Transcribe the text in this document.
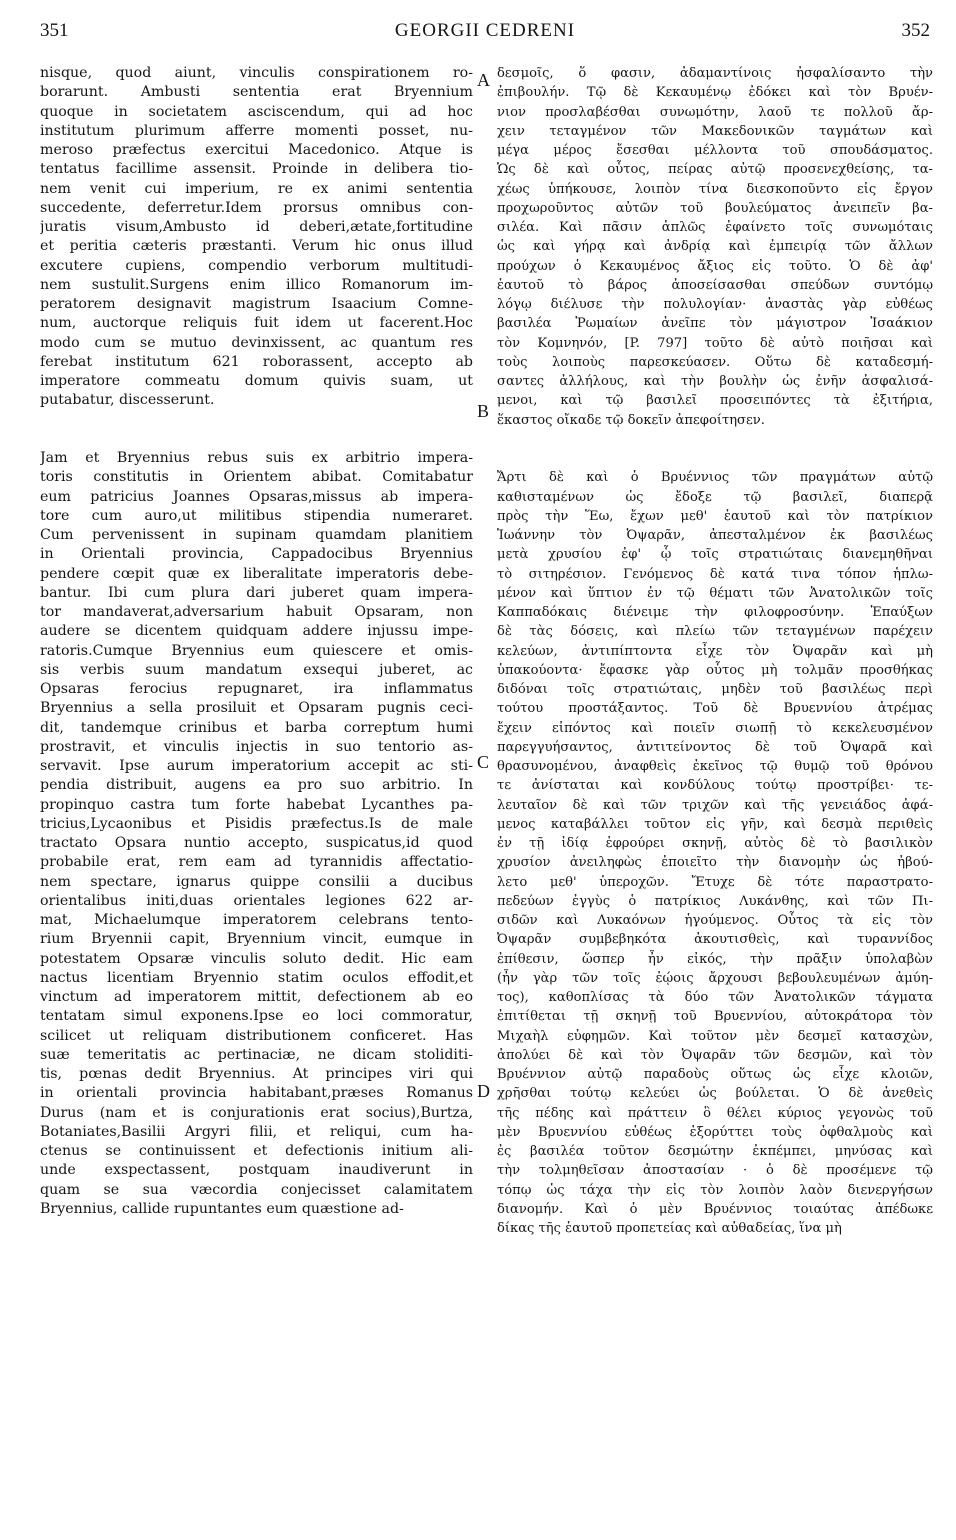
351	GEORGII CEDRENI	352
nisque, quod aiunt, vinculis conspirationem ro-
borarunt. Ambusti sententia erat Bryennium
quoque in societatem asciscendum, qui ad hoc
institutum plurimum afferre momenti posset, nu-
meroso præfectus exercitui Macedonico. Atque is
tentatus facillime assensit. Proinde in delibera tio-
nem venit cui imperium, re ex animi sententia
succedente, deferretur.Idem prorsus omnibus con-
juratis visum,Ambusto id deberi,ætate,fortitudine
et peritia cæteris præstanti. Verum hic onus illud
excutere cupiens, compendio verborum multitudi-
nem sustulit.Surgens enim illico Romanorum im-
peratorem designavit magistrum Isaacium Comne-
num, auctorque reliquis fuit idem ut facerent.Hoc
modo cum se mutuo devinxissent, ac quantum res
ferebat institutum 621 roborassent, accepto ab
imperatore commeatu domum quivis suam, ut
putabatur, discesserunt.
Jam et Bryennius rebus suis ex arbitrio impera-
toris constitutis in Orientem abibat. Comitabatur
eum patricius Joannes Opsaras,missus ab impera-
tore cum auro,ut militibus stipendia numeraret.
Cum pervenissent in supinam quamdam planitiem
in Orientali provincia, Cappadocibus Bryennius
pendere cœpit quæ ex liberalitate imperatoris debe-
bantur. Ibi cum plura dari juberet quam impera-
tor mandaverat,adversarium habuit Opsaram, non
audere se dicentem quidquam addere injussu impe-
ratoris.Cumque Bryennius eum quiescere et omis-
sis verbis suum mandatum exsequi juberet, ac
Opsaras ferocius repugnaret, ira inflammatus
Bryennius a sella prosiluit et Opsaram pugnis ceci-
dit, tandemque crinibus et barba correptum humi
prostravit, et vinculis injectis in suo tentorio as-
servavit. Ipse aurum imperatorium accepit ac sti-
pendia distribuit, augens ea pro suo arbitrio. In
propinquo castra tum forte habebat Lycanthes pa-
tricius,Lycaonibus et Pisidis præfectus.Is de male
tractato Opsara nuntio accepto, suspicatus,id quod
probabile erat, rem eam ad tyrannidis affectatio-
nem spectare, ignarus quippe consilii a ducibus
orientalibus initi,duas orientales legiones 622 ar-
mat, Michaelumque imperatorem celebrans tento-
rium Bryennii capit, Bryennium vincit, eumque in
potestatem Opsaræ vinculis soluto dedit. Hic eam
nactus licentiam Bryennio statim oculos effodit,et
vinctum ad imperatorem mittit, defectionem ab eo
tentatam simul exponens.Ipse eo loci commoratur,
scilicet ut reliquam distributionem conficeret. Has
suæ temeritatis ac pertinaciæ, ne dicam stoliditi-
tis, pœnas dedit Bryennius. At principes viri qui
in orientali provincia habitabant,præses Romanus
Durus (nam et is conjurationis erat socius),Burtza,
Botaniates,Basilii Argyri filii, et reliqui, cum ha-
ctenus se continuissent et defectionis initium ali-
unde exspectassent, postquam inaudiverunt in
quam se sua væcordia conjecisset calamitatem
Bryennius, callide rupuntantes eum quæstione ad-
δεσμοῖς, ὅ φασιν, ἀδαμαντίνοις ἠσφαλίσαντο τὴν
ἐπιβουλήν. Τῷ δὲ Κεκαυμένῳ ἐδόκει καὶ τὸν Βρυέν-
νιον προσλαβέσθαι συνωμότην, λαοῦ τε πολλοῦ ἄρ-
χειν τεταγμένον τῶν Μακεδονικῶν ταγμάτων καὶ
μέγα μέρος ἔσεσθαι μέλλοντα τοῦ σπουδάσματος.
Ὡς δὲ καὶ οὗτος, πείρας αὐτῷ προσενεχθείσης, τα-
χέως ὑπήκουσε, λοιπὸν τίνα διεσκοποῦντο εἰς ἔργον
προχωροῦντος αὐτῶν τοῦ βουλεύματος ἀνειπεῖν βα-
σιλέα. Καὶ πᾶσιν ἁπλῶς ἐφαίνετο τοῖς συνωμόταις
ὡς καὶ γήρᾳ καὶ ἀνδρίᾳ καὶ ἐμπειρίᾳ τῶν ἄλλων
προύχων ὁ Κεκαυμένος ἄξιος εἰς τοῦτο. Ὁ δὲ ἀφ'
ἑαυτοῦ τὸ βάρος ἀποσείσασθαι σπεύδων συντόμῳ
λόγῳ διέλυσε τὴν πολυλογίαν· ἀναστὰς γὰρ εὐθέως
βασιλέα Ῥωμαίων ἀνεῖπε τὸν μάγιστρον Ἰσαάκιον
τὸν Κομνηνόν, [P. 797] τοῦτο δὲ αὐτὸ ποιῆσαι καὶ
τοὺς λοιποὺς παρεσκεύασεν. Οὕτω δὲ καταδεσμή-
σαντες ἀλλήλους, καὶ τὴν βουλὴν ὡς ἐνῆν ἀσφαλισά-
μενοι, καὶ τῷ βασιλεῖ προσειπόντες τὰ ἐξιτήρια,
ἕκαστος οἴκαδε τῷ δοκεῖν ἀπεφοίτησεν.
Ἄρτι δὲ καὶ ὁ Βρυέννιος τῶν πραγμάτων αὐτῷ
καθισταμένων ὡς ἔδοξε τῷ βασιλεῖ, διαπερᾷ
πρὸς τὴν Ἕω, ἔχων μεθ' ἑαυτοῦ καὶ τὸν πατρίκιον
Ἰωάννην τὸν Ὀψαρᾶν, ἀπεσταλμένον ἐκ βασιλέως
μετὰ χρυσίου ἐφ' ᾧ τοῖς στρατιώταις διανεμηθῆναι
τὸ σιτηρέσιον. Γενόμενος δὲ κατά τινα τόπον ἡπλω-
μένον καὶ ὕπτιον ἐν τῷ θέματι τῶν Ἀνατολικῶν τοῖς
Καππαδόκαις διένειμε τὴν φιλοφροσύνην. Ἐπαύξων
δὲ τὰς δόσεις, καὶ πλείω τῶν τεταγμένων παρέχειν
κελεύων, ἀντιπίπτοντα εἶχε τὸν Ὀψαρᾶν καὶ μὴ
ὑπακούοντα· ἔφασκε γὰρ οὗτος μὴ τολμᾶν προσθήκας
διδόναι τοῖς στρατιώταις, μηδὲν τοῦ βασιλέως περὶ
τούτου προστάξαντος. Τοῦ δὲ Βρυεννίου ἀτρέμας
ἔχειν εἰπόντος καὶ ποιεῖν σιωπῇ τὸ κεκελευσμένον
παρεγγυήσαντος, ἀντιτείνοντος δὲ τοῦ Ὀψαρᾶ καὶ
θρασυνομένου, ἀναφθεὶς ἐκεῖνος τῷ θυμῷ τοῦ θρόνου
τε ἀνίσταται καὶ κονδύλους τούτῳ προστρίβει· τε-
λευταῖον δὲ καὶ τῶν τριχῶν καὶ τῆς γενειάδος ἀφά-
μενος καταβάλλει τοῦτον εἰς γῆν, καὶ δεσμὰ περιθεὶς
ἐν τῇ ἰδίᾳ ἐφρούρει σκηνῇ, αὐτὸς δὲ τὸ βασιλικὸν
χρυσίον ἀνειληφὼς ἐποιεῖτο τὴν διανομὴν ὡς ἠβού-
λετο μεθ' ὑπεροχῶν. Ἔτυχε δὲ τότε παραστρατο-
πεδεύων ἐγγὺς ὁ πατρίκιος Λυκάνθης, καὶ τῶν Πι-
σιδῶν καὶ Λυκαόνων ἡγούμενος. Οὗτος τὰ εἰς τὸν
Ὀψαρᾶν συμβεβηκότα ἀκουτισθεὶς, καὶ τυραννίδος
ἐπίθεσιν, ὥσπερ ἦν εἰκός, τὴν πρᾶξιν ὑπολαβὼν
(ἦν γὰρ τῶν τοῖς ἐῴοις ἄρχουσι βεβουλευμένων ἀμύη-
τος), καθοπλίσας τὰ δύο τῶν Ἀνατολικῶν τάγματα
ἐπιτίθεται τῇ σκηνῇ τοῦ Βρυεννίου, αὐτοκράτορα τὸν
Μιχαὴλ εὐφημῶν. Καὶ τοῦτον μὲν δεσμεῖ κατασχὼν,
ἀπολύει δὲ καὶ τὸν Ὀψαρᾶν τῶν δεσμῶν, καὶ τὸν
Βρυέννιον αὐτῷ παραδοὺς οὕτως ὡς εἶχε κλοιῶν,
χρῆσθαι τούτῳ κελεύει ὡς βούλεται. Ὁ δὲ ἀνεθεὶς
τῆς πέδης καὶ πράττειν ὃ θέλει κύριος γεγονὼς τοῦ
μὲν Βρυεννίου εὐθέως ἐξορύττει τοὺς ὀφθαλμοὺς καὶ
ἐς βασιλέα τοῦτον δεσμώτην ἐκπέμπει, μηνύσας καὶ
τὴν τολμηθεῖσαν ἀποστασίαν · ὁ δὲ προσέμενε τῷ
τόπῳ ὡς τάχα τὴν εἰς τὸν λοιπὸν λαὸν διενεργήσων
διανομήν. Καὶ ὁ μὲν Βρυέννιος τοιαύτας ἀπέδωκε
δίκας τῆς ἑαυτοῦ προπετείας καὶ αὐθαδείας, ἵνα μὴ
A
B
C
D
